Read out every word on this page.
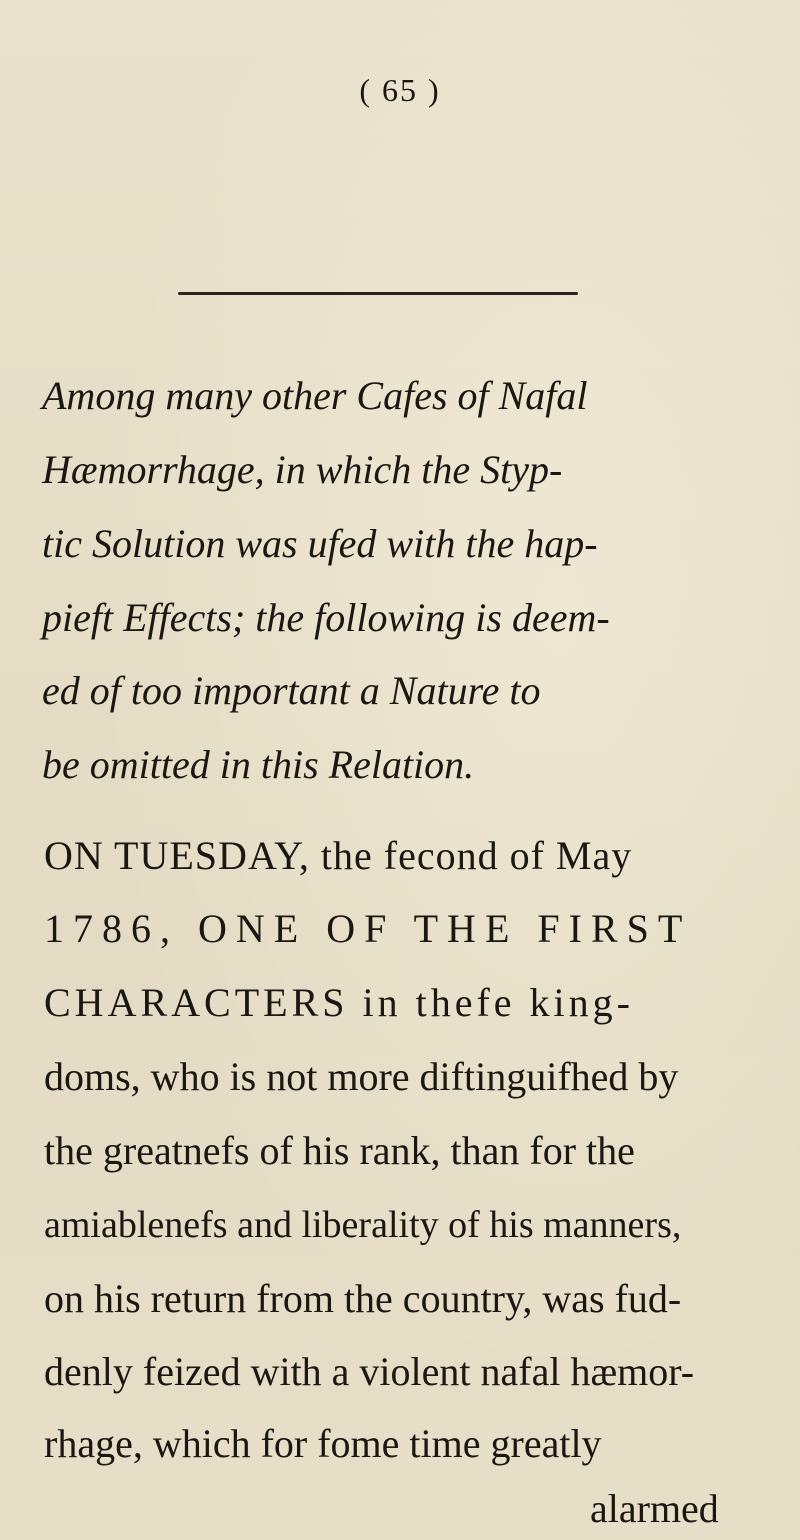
( 65 )
Among many other Cafes of Nafal
Hæmorrhage, in which the Styp-
tic Solution was ufed with the hap-
pieft Effects; the following is deem-
ed of too important a Nature to
be omitted in this Relation.
ON TUESDAY, the fecond of May
1786, ONE OF THE FIRST
CHARACTERS in thefe king-
doms, who is not more diftinguifhed by
the greatnefs of his rank, than for the
amiablenefs and liberality of his manners,
on his return from the country, was fud-
denly feized with a violent nafal hæmor-
rhage, which for fome time greatly
alarmed
